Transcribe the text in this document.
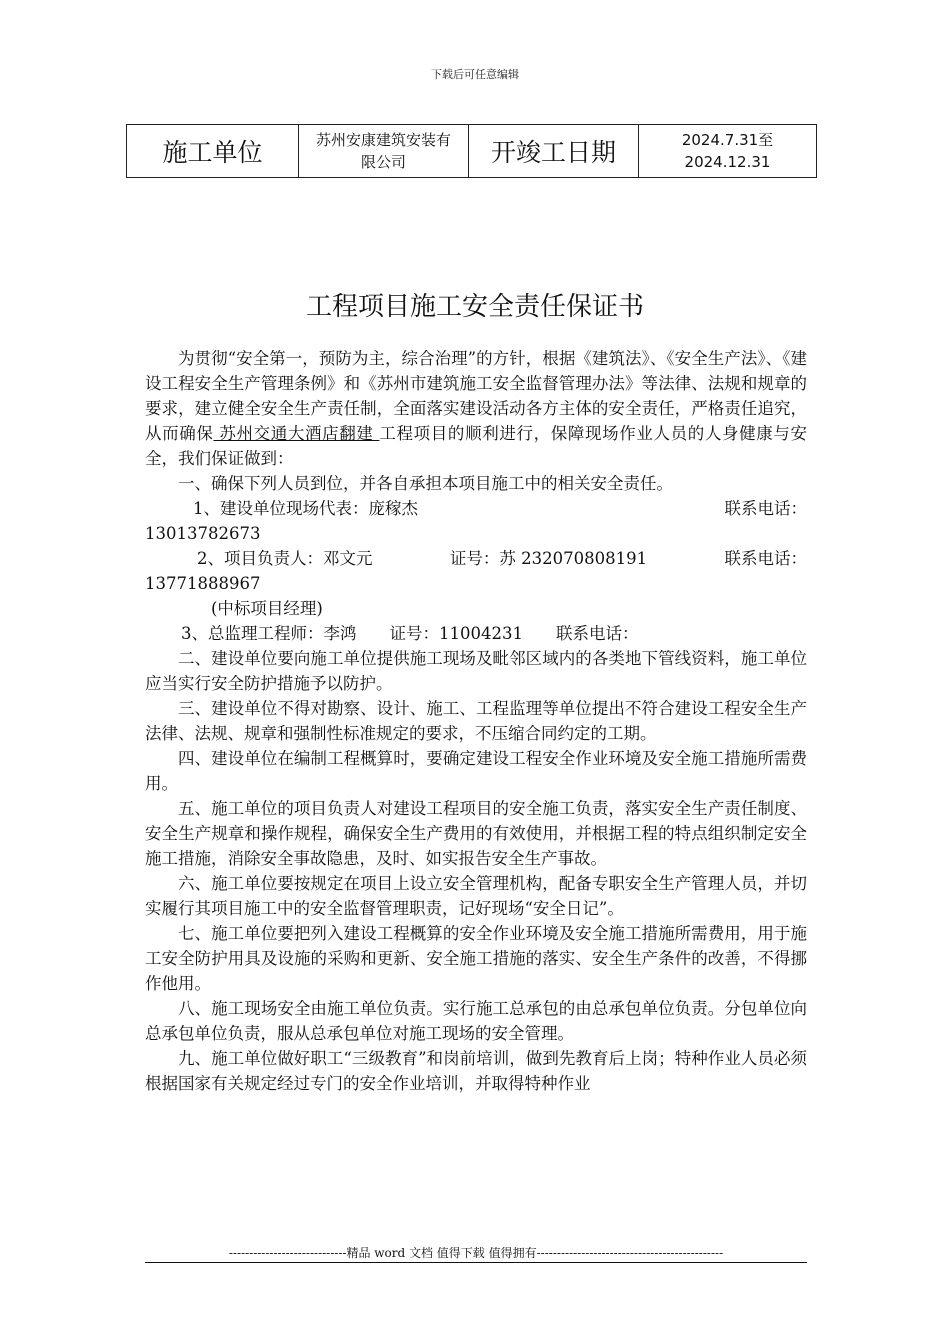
下载后可任意编辑
施工单位	苏州安康建筑安装有限公司	开竣工日期	2024.7.31至
2024.12.31
工程项目施工安全责任保证书

为贯彻“安全第一，预防为主，综合治理”的方针，根据《建筑法》、《安全生产法》、《建设工程安全生产管理条例》和《苏州市建筑施工安全监督管理办法》等法律、法规和规章的要求，建立健全安全生产责任制，全面落实建设活动各方主体的安全责任，严格责任追究，从而确保 苏州交通大酒店翻建 工程项目的顺利进行，保障现场作业人员的人身健康与安全，我们保证做到：

一、确保下列人员到位，并各自承担本项目施工中的相关安全责任。

1、建设单位现场代表：庞稼杰	联系电话：
13013782673
2、项目负责人：邓文元	证号：苏 232070808191	联系电话：
13771888967
(中标项目经理)
3、总监理工程师：李鸿　　证号：11004231　　联系电话：

二、建设单位要向施工单位提供施工现场及毗邻区域内的各类地下管线资料，施工单位应当实行安全防护措施予以防护。

三、建设单位不得对勘察、设计、施工、工程监理等单位提出不符合建设工程安全生产法律、法规、规章和强制性标准规定的要求，不压缩合同约定的工期。

四、建设单位在编制工程概算时，要确定建设工程安全作业环境及安全施工措施所需费用。

五、施工单位的项目负责人对建设工程项目的安全施工负责，落实安全生产责任制度、安全生产规章和操作规程，确保安全生产费用的有效使用，并根据工程的特点组织制定安全施工措施，消除安全事故隐患，及时、如实报告安全生产事故。

六、施工单位要按规定在项目上设立安全管理机构，配备专职安全生产管理人员，并切实履行其项目施工中的安全监督管理职责，记好现场“安全日记”。

七、施工单位要把列入建设工程概算的安全作业环境及安全施工措施所需费用，用于施工安全防护用具及设施的采购和更新、安全施工措施的落实、安全生产条件的改善，不得挪作他用。

八、施工现场安全由施工单位负责。实行施工总承包的由总承包单位负责。分包单位向总承包单位负责，服从总承包单位对施工现场的安全管理。

九、施工单位做好职工“三级教育”和岗前培训，做到先教育后上岗；特种作业人员必须根据国家有关规定经过专门的安全作业培训，并取得特种作业

-----------------------------精品 word 文档 值得下载 值得拥有----------------------------------------------
